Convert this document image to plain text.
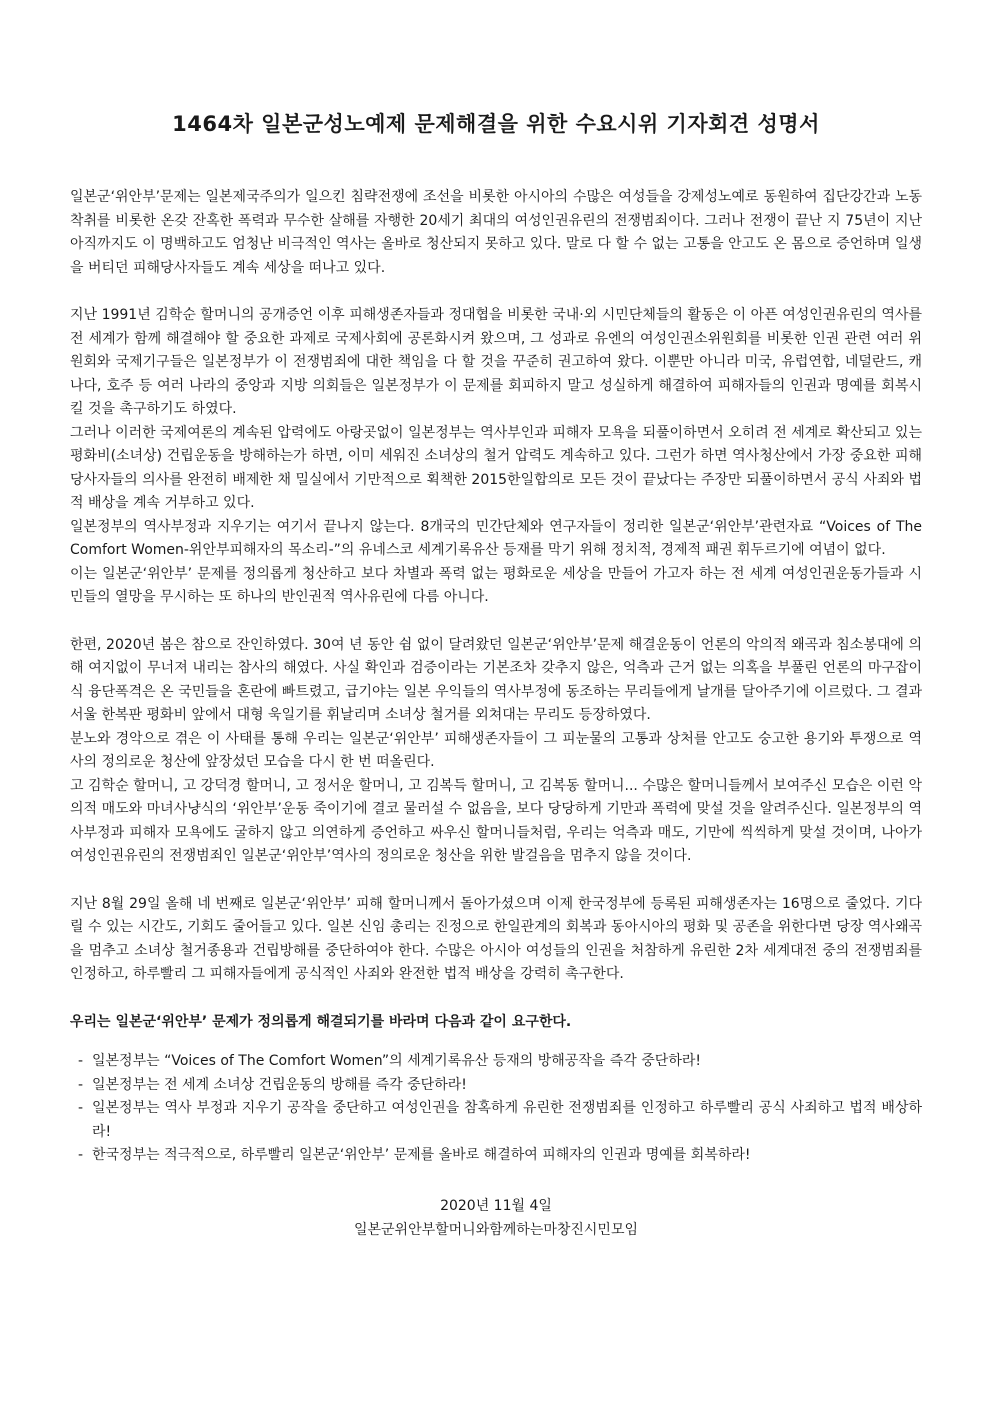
1464차 일본군성노예제 문제해결을 위한 수요시위 기자회견 성명서

일본군‘위안부’문제는 일본제국주의가 일으킨 침략전쟁에 조선을 비롯한 아시아의 수많은 여성들을 강제성노예로 동원하여 집단강간과 노동착취를 비롯한 온갖 잔혹한 폭력과 무수한 살해를 자행한 20세기 최대의 여성인권유린의 전쟁범죄이다. 그러나 전쟁이 끝난 지 75년이 지난 아직까지도 이 명백하고도 엄청난 비극적인 역사는 올바로 청산되지 못하고 있다. 말로 다 할 수 없는 고통을 안고도 온 몸으로 증언하며 일생을 버티던 피해당사자들도 계속 세상을 떠나고 있다.

지난 1991년 김학순 할머니의 공개증언 이후 피해생존자들과 정대협을 비롯한 국내·외 시민단체들의 활동은 이 아픈 여성인권유린의 역사를 전 세계가 함께 해결해야 할 중요한 과제로 국제사회에 공론화시켜 왔으며, 그 성과로 유엔의 여성인권소위원회를 비롯한 인권 관련 여러 위원회와 국제기구들은 일본정부가 이 전쟁범죄에 대한 책임을 다 할 것을 꾸준히 권고하여 왔다. 이뿐만 아니라 미국, 유럽연합, 네덜란드, 캐나다, 호주 등 여러 나라의 중앙과 지방 의회들은 일본정부가 이 문제를 회피하지 말고 성실하게 해결하여 피해자들의 인권과 명예를 회복시킬 것을 촉구하기도 하였다.

그러나 이러한 국제여론의 계속된 압력에도 아랑곳없이 일본정부는 역사부인과 피해자 모욕을 되풀이하면서 오히려 전 세계로 확산되고 있는 평화비(소녀상) 건립운동을 방해하는가 하면, 이미 세워진 소녀상의 철거 압력도 계속하고 있다. 그런가 하면 역사청산에서 가장 중요한 피해당사자들의 의사를 완전히 배제한 채 밀실에서 기만적으로 획책한 2015한일합의로 모든 것이 끝났다는 주장만 되풀이하면서 공식 사죄와 법적 배상을 계속 거부하고 있다.

일본정부의 역사부정과 지우기는 여기서 끝나지 않는다. 8개국의 민간단체와 연구자들이 정리한 일본군‘위안부’관련자료 “Voices of The Comfort Women-위안부피해자의 목소리-”의 유네스코 세계기록유산 등재를 막기 위해 정치적, 경제적 패권 휘두르기에 여념이 없다.

이는 일본군‘위안부’ 문제를 정의롭게 청산하고 보다 차별과 폭력 없는 평화로운 세상을 만들어 가고자 하는 전 세계 여성인권운동가들과 시민들의 열망을 무시하는 또 하나의 반인권적 역사유린에 다름 아니다.

한편, 2020년 봄은 참으로 잔인하였다. 30여 년 동안 쉼 없이 달려왔던 일본군‘위안부’문제 해결운동이 언론의 악의적 왜곡과 침소봉대에 의해 여지없이 무너져 내리는 참사의 해였다. 사실 확인과 검증이라는 기본조차 갖추지 않은, 억측과 근거 없는 의혹을 부풀린 언론의 마구잡이식 융단폭격은 온 국민들을 혼란에 빠트렸고, 급기야는 일본 우익들의 역사부정에 동조하는 무리들에게 날개를 달아주기에 이르렀다. 그 결과 서울 한복판 평화비 앞에서 대형 욱일기를 휘날리며 소녀상 철거를 외쳐대는 무리도 등장하였다.

분노와 경악으로 겪은 이 사태를 통해 우리는 일본군‘위안부’ 피해생존자들이 그 피눈물의 고통과 상처를 안고도 숭고한 용기와 투쟁으로 역사의 정의로운 청산에 앞장섰던 모습을 다시 한 번 떠올린다.

고 김학순 할머니, 고 강덕경 할머니, 고 정서운 할머니, 고 김복득 할머니, 고 김복동 할머니... 수많은 할머니들께서 보여주신 모습은 이런 악의적 매도와 마녀사냥식의 ‘위안부’운동 죽이기에 결코 물러설 수 없음을, 보다 당당하게 기만과 폭력에 맞설 것을 알려주신다. 일본정부의 역사부정과 피해자 모욕에도 굴하지 않고 의연하게 증언하고 싸우신 할머니들처럼, 우리는 억측과 매도, 기만에 씩씩하게 맞설 것이며, 나아가 여성인권유린의 전쟁범죄인 일본군‘위안부’역사의 정의로운 청산을 위한 발걸음을 멈추지 않을 것이다.

지난 8월 29일 올해 네 번째로 일본군‘위안부’ 피해 할머니께서 돌아가셨으며 이제 한국정부에 등록된 피해생존자는 16명으로 줄었다. 기다릴 수 있는 시간도, 기회도 줄어들고 있다. 일본 신임 총리는 진정으로 한일관계의 회복과 동아시아의 평화 및 공존을 위한다면 당장 역사왜곡을 멈추고 소녀상 철거종용과 건립방해를 중단하여야 한다. 수많은 아시아 여성들의 인권을 처참하게 유린한 2차 세계대전 중의 전쟁범죄를 인정하고, 하루빨리 그 피해자들에게 공식적인 사죄와 완전한 법적 배상을 강력히 촉구한다.

우리는 일본군‘위안부’ 문제가 정의롭게 해결되기를 바라며 다음과 같이 요구한다.

- 일본정부는 “Voices of The Comfort Women”의 세계기록유산 등재의 방해공작을 즉각 중단하라!
- 일본정부는 전 세계 소녀상 건립운동의 방해를 즉각 중단하라!
- 일본정부는 역사 부정과 지우기 공작을 중단하고 여성인권을 참혹하게 유린한 전쟁범죄를 인정하고 하루빨리 공식 사죄하고 법적 배상하라!
- 한국정부는 적극적으로, 하루빨리 일본군‘위안부’ 문제를 올바로 해결하여 피해자의 인권과 명예를 회복하라!
2020년 11월 4일
일본군위안부할머니와함께하는마창진시민모임
